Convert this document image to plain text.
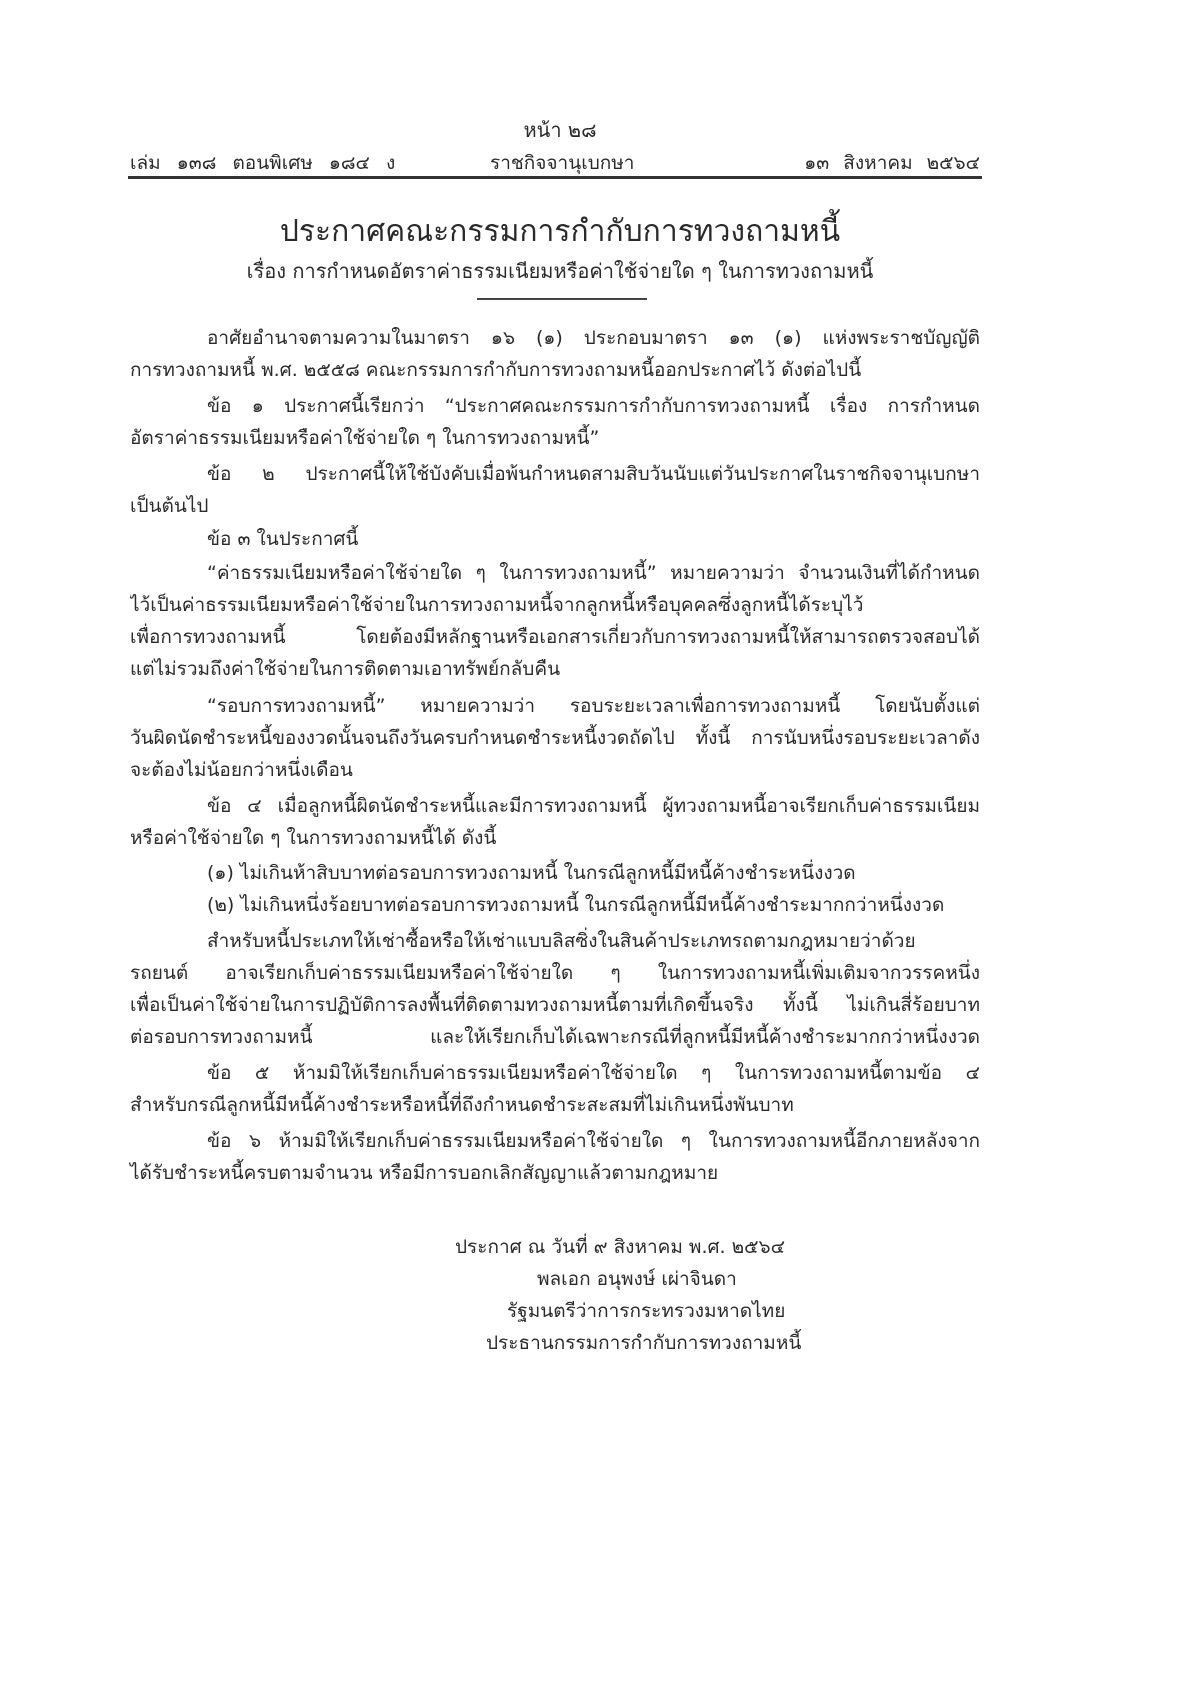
หน้า ๒๘
เล่ม ๑๓๘ ตอนพิเศษ ๑๘๔ ง	ราชกิจจานุเบกษา	๑๓ สิงหาคม ๒๕๖๔
ประกาศคณะกรรมการกำกับการทวงถามหนี้
เรื่อง การกำหนดอัตราค่าธรรมเนียมหรือค่าใช้จ่ายใด ๆ ในการทวงถามหนี้
อาศัยอำนาจตามความในมาตรา ๑๖ (๑) ประกอบมาตรา ๑๓ (๑) แห่งพระราชบัญญัติ
การทวงถามหนี้ พ.ศ. ๒๕๕๘ คณะกรรมการกำกับการทวงถามหนี้ออกประกาศไว้ ดังต่อไปนี้
ข้อ ๑ ประกาศนี้เรียกว่า “ประกาศคณะกรรมการกำกับการทวงถามหนี้ เรื่อง การกำหนด
อัตราค่าธรรมเนียมหรือค่าใช้จ่ายใด ๆ ในการทวงถามหนี้”
ข้อ ๒ ประกาศนี้ให้ใช้บังคับเมื่อพ้นกำหนดสามสิบวันนับแต่วันประกาศในราชกิจจานุเบกษา
เป็นต้นไป
ข้อ ๓ ในประกาศนี้
“ค่าธรรมเนียมหรือค่าใช้จ่ายใด ๆ ในการทวงถามหนี้” หมายความว่า จำนวนเงินที่ได้กำหนด
ไว้เป็นค่าธรรมเนียมหรือค่าใช้จ่ายในการทวงถามหนี้จากลูกหนี้หรือบุคคลซึ่งลูกหนี้ได้ระบุไว้
เพื่อการทวงถามหนี้ โดยต้องมีหลักฐานหรือเอกสารเกี่ยวกับการทวงถามหนี้ให้สามารถตรวจสอบได้
แต่ไม่รวมถึงค่าใช้จ่ายในการติดตามเอาทรัพย์กลับคืน
“รอบการทวงถามหนี้” หมายความว่า รอบระยะเวลาเพื่อการทวงถามหนี้ โดยนับตั้งแต่
วันผิดนัดชำระหนี้ของงวดนั้นจนถึงวันครบกำหนดชำระหนี้งวดถัดไป ทั้งนี้ การนับหนึ่งรอบระยะเวลาดัง
จะต้องไม่น้อยกว่าหนึ่งเดือน
ข้อ ๔ เมื่อลูกหนี้ผิดนัดชำระหนี้และมีการทวงถามหนี้ ผู้ทวงถามหนี้อาจเรียกเก็บค่าธรรมเนียม
หรือค่าใช้จ่ายใด ๆ ในการทวงถามหนี้ได้ ดังนี้
(๑) ไม่เกินห้าสิบบาทต่อรอบการทวงถามหนี้ ในกรณีลูกหนี้มีหนี้ค้างชำระหนึ่งงวด
(๒) ไม่เกินหนึ่งร้อยบาทต่อรอบการทวงถามหนี้ ในกรณีลูกหนี้มีหนี้ค้างชำระมากกว่าหนึ่งงวด
สำหรับหนี้ประเภทให้เช่าซื้อหรือให้เช่าแบบลิสซิ่งในสินค้าประเภทรถตามกฎหมายว่าด้วย
รถยนต์ อาจเรียกเก็บค่าธรรมเนียมหรือค่าใช้จ่ายใด ๆ ในการทวงถามหนี้เพิ่มเติมจากวรรคหนึ่ง
เพื่อเป็นค่าใช้จ่ายในการปฏิบัติการลงพื้นที่ติดตามทวงถามหนี้ตามที่เกิดขึ้นจริง ทั้งนี้ ไม่เกินสี่ร้อยบาท
ต่อรอบการทวงถามหนี้ และให้เรียกเก็บได้เฉพาะกรณีที่ลูกหนี้มีหนี้ค้างชำระมากกว่าหนึ่งงวด
ข้อ ๕ ห้ามมิให้เรียกเก็บค่าธรรมเนียมหรือค่าใช้จ่ายใด ๆ ในการทวงถามหนี้ตามข้อ ๔
สำหรับกรณีลูกหนี้มีหนี้ค้างชำระหรือหนี้ที่ถึงกำหนดชำระสะสมที่ไม่เกินหนึ่งพันบาท
ข้อ ๖ ห้ามมิให้เรียกเก็บค่าธรรมเนียมหรือค่าใช้จ่ายใด ๆ ในการทวงถามหนี้อีกภายหลังจาก
ได้รับชำระหนี้ครบตามจำนวน หรือมีการบอกเลิกสัญญาแล้วตามกฎหมาย
ประกาศ ณ วันที่ ๙ สิงหาคม พ.ศ. ๒๕๖๔
พลเอก อนุพงษ์ เผ่าจินดา
รัฐมนตรีว่าการกระทรวงมหาดไทย
ประธานกรรมการกำกับการทวงถามหนี้
